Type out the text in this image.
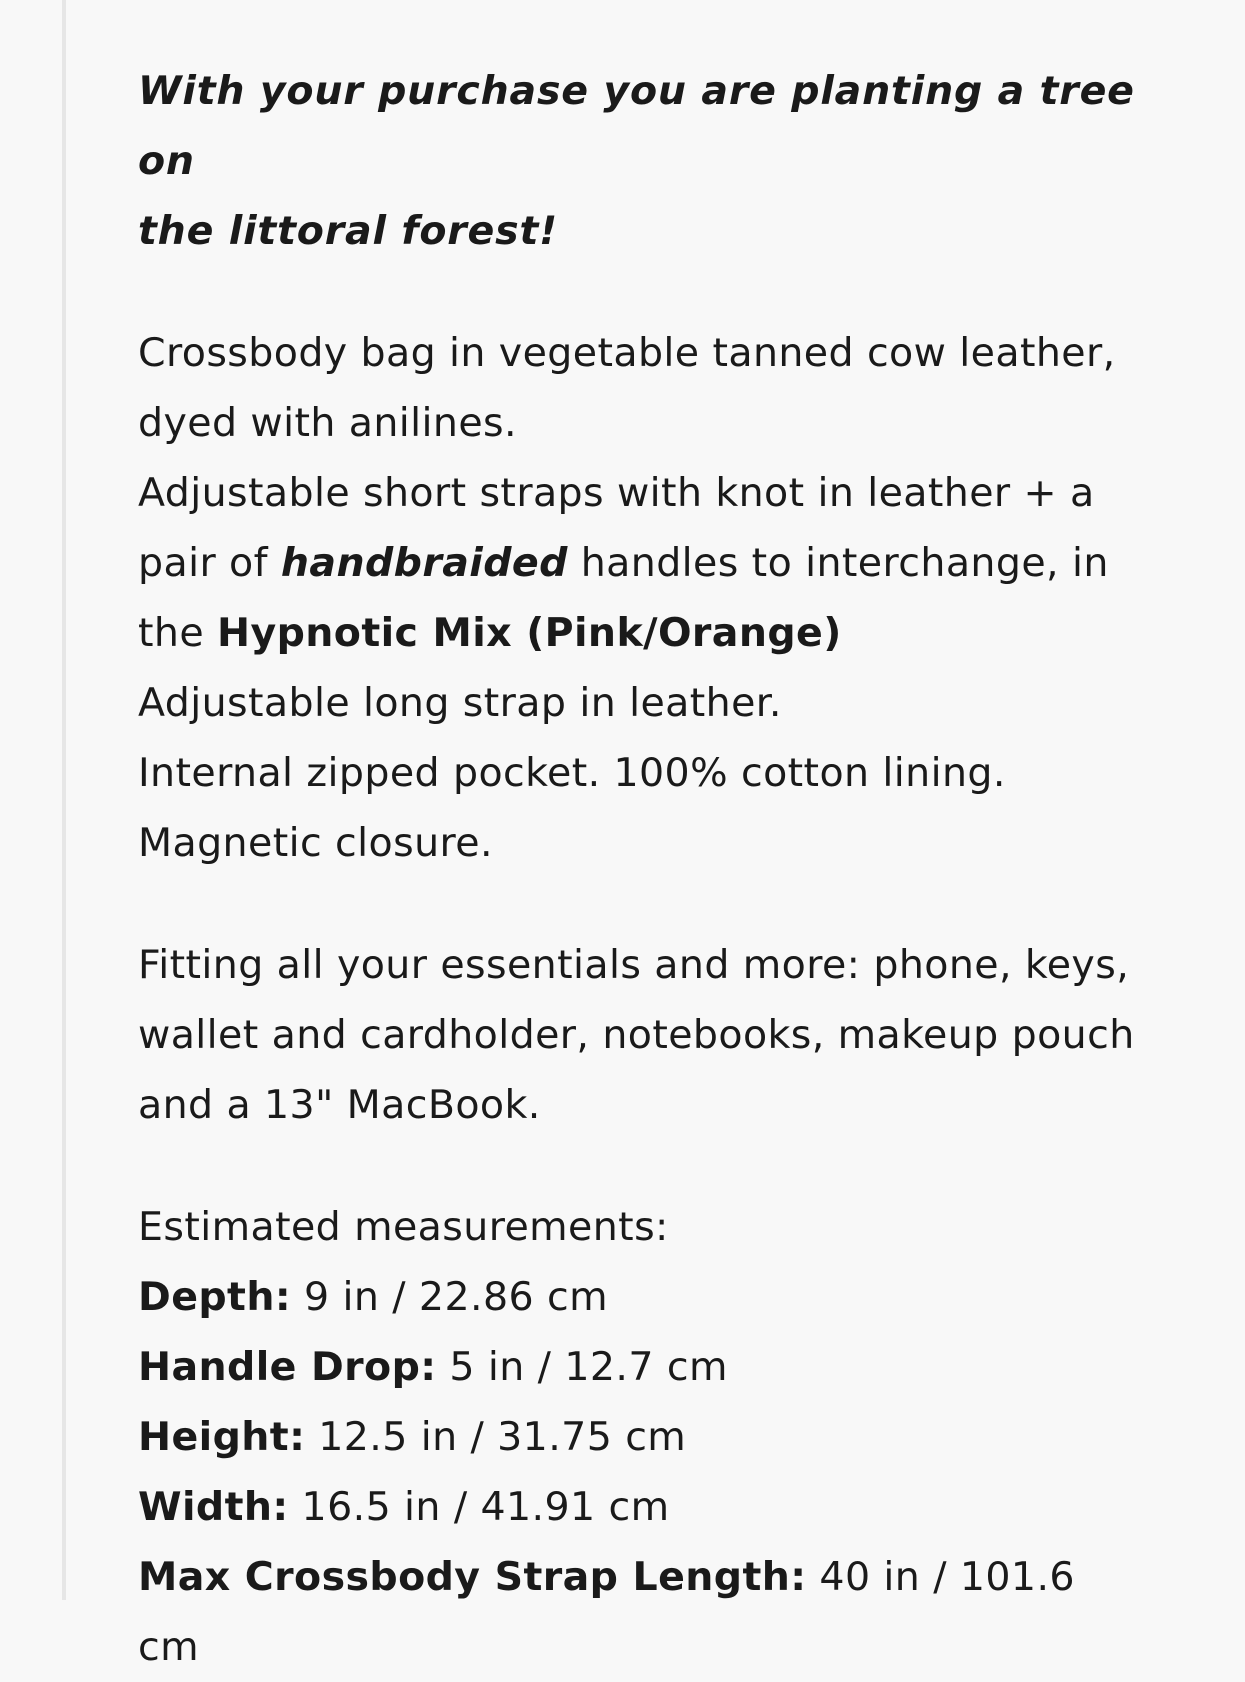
With your purchase you are planting a tree on

the littoral forest!

Crossbody bag in vegetable tanned cow leather,

dyed with anilines.

Adjustable short straps with knot in leather + a

pair of handbraided handles to interchange, in

the Hypnotic Mix (Pink/Orange)

Adjustable long strap in leather.

Internal zipped pocket. 100% cotton lining.

Magnetic closure.

Fitting all your essentials and more: phone, keys,

wallet and cardholder, notebooks, makeup pouch

and a 13" MacBook.

Estimated measurements:

Depth: 9 in / 22.86 cm

Handle Drop: 5 in / 12.7 cm

Height: 12.5 in / 31.75 cm

Width: 16.5 in / 41.91 cm

Max Crossbody Strap Length: 40 in / 101.6 cm
